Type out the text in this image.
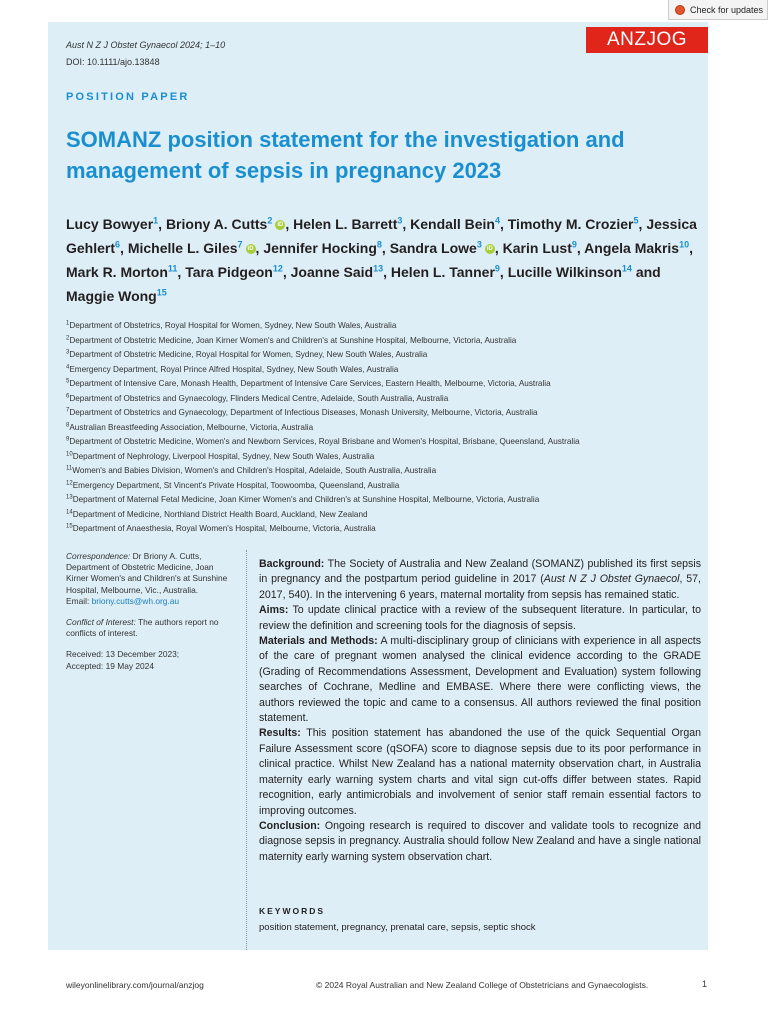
Check for updates
Aust N Z J Obstet Gynaecol 2024; 1–10
DOI: 10.1111/ajo.13848
ANZJOG
POSITION PAPER
SOMANZ position statement for the investigation and management of sepsis in pregnancy 2023
Lucy Bowyer$^1$, Briony A. Cutts$^2$ iD , Helen L. Barrett$^3$, Kendall Bein$^4$, Timothy M. Crozier$^5$, Jessica Gehlert$^6$, Michelle L. Giles$^7$ iD , Jennifer Hocking$^8$, Sandra Lowe$^3$ iD , Karin Lust$^9$, Angela Makris$^{10}$, Mark R. Morton$^{11}$, Tara Pidgeon$^{12}$, Joanne Said$^{13}$, Helen L. Tanner$^9$, Lucille Wilkinson$^{14}$ and Maggie Wong$^{15}$
$^1$Department of Obstetrics, Royal Hospital for Women, Sydney, New South Wales, Australia
$^2$Department of Obstetric Medicine, Joan Kirner Women's and Children's at Sunshine Hospital, Melbourne, Victoria, Australia
$^3$Department of Obstetric Medicine, Royal Hospital for Women, Sydney, New South Wales, Australia
$^4$Emergency Department, Royal Prince Alfred Hospital, Sydney, New South Wales, Australia
$^5$Department of Intensive Care, Monash Health, Department of Intensive Care Services, Eastern Health, Melbourne, Victoria, Australia
$^6$Department of Obstetrics and Gynaecology, Flinders Medical Centre, Adelaide, South Australia, Australia
$^7$Department of Obstetrics and Gynaecology, Department of Infectious Diseases, Monash University, Melbourne, Victoria, Australia
$^8$Australian Breastfeeding Association, Melbourne, Victoria, Australia
$^9$Department of Obstetric Medicine, Women's and Newborn Services, Royal Brisbane and Women's Hospital, Brisbane, Queensland, Australia
$^{10}$Department of Nephrology, Liverpool Hospital, Sydney, New South Wales, Australia
$^{11}$Women's and Babies Division, Women's and Children's Hospital, Adelaide, South Australia, Australia
$^{12}$Emergency Department, St Vincent's Private Hospital, Toowoomba, Queensland, Australia
$^{13}$Department of Maternal Fetal Medicine, Joan Kirner Women's and Children's at Sunshine Hospital, Melbourne, Victoria, Australia
$^{14}$Department of Medicine, Northland District Health Board, Auckland, New Zealand
$^{15}$Department of Anaesthesia, Royal Women's Hospital, Melbourne, Victoria, Australia

Correspondence: Dr Briony A. Cutts, Department of Obstetric Medicine, Joan Kirner Women's and Children's at Sunshine Hospital, Melbourne, Vic., Australia.
Email: briony.cutts@wh.org.au

Conflict of Interest: The authors report no conflicts of interest.

Received: 13 December 2023;
Accepted: 19 May 2024

Background: The Society of Australia and New Zealand (SOMANZ) published its first sepsis in pregnancy and the postpartum period guideline in 2017 (Aust N Z J Obstet Gynaecol, 57, 2017, 540). In the intervening 6 years, maternal mortality from sepsis has remained static.

Aims: To update clinical practice with a review of the subsequent literature. In particular, to review the definition and screening tools for the diagnosis of sepsis.

Materials and Methods: A multi-disciplinary group of clinicians with experience in all aspects of the care of pregnant women analysed the clinical evidence according to the GRADE (Grading of Recommendations Assessment, Development and Evaluation) system following searches of Cochrane, Medline and EMBASE. Where there were conflicting views, the authors reviewed the topic and came to a consensus. All authors reviewed the final position statement.

Results: This position statement has abandoned the use of the quick Sequential Organ Failure Assessment score (qSOFA) score to diagnose sepsis due to its poor performance in clinical practice. Whilst New Zealand has a national maternity observation chart, in Australia maternity early warning system charts and vital sign cut-offs differ between states. Rapid recognition, early antimicrobials and involvement of senior staff remain essential factors to improving outcomes.

Conclusion: Ongoing research is required to discover and validate tools to recognize and diagnose sepsis in pregnancy. Australia should follow New Zealand and have a single national maternity early warning system observation chart.

KEYWORDS
position statement, pregnancy, prenatal care, sepsis, septic shock
wileyonlinelibrary.com/journal/anzjog	© 2024 Royal Australian and New Zealand College of Obstetricians and Gynaecologists.	1
